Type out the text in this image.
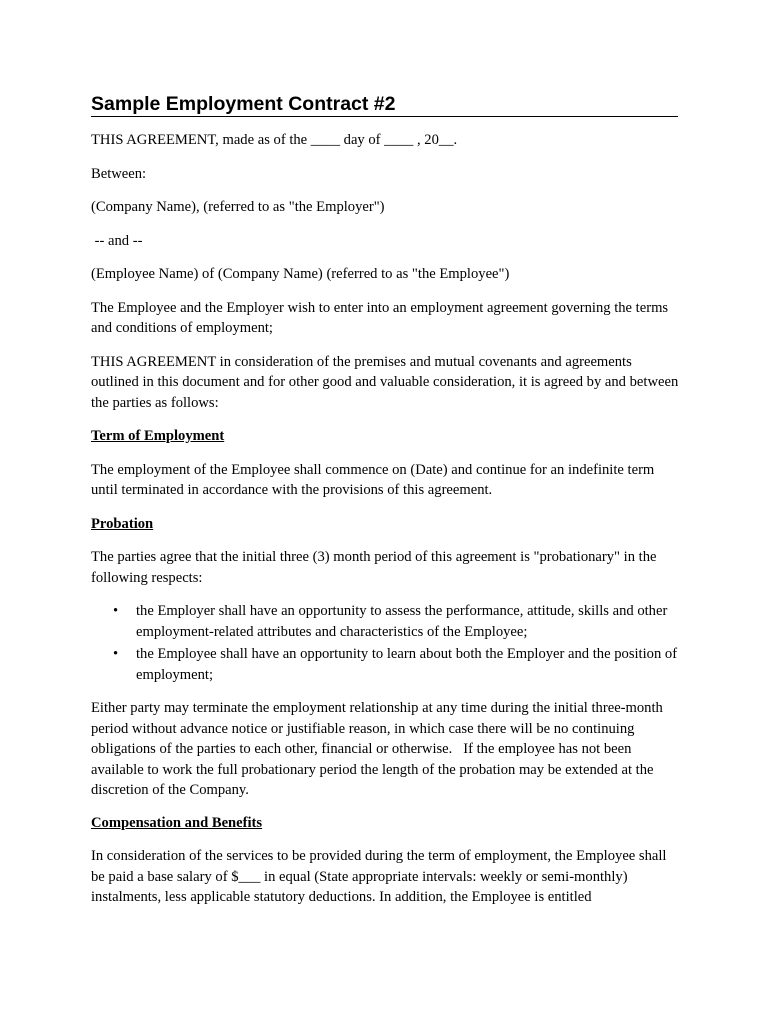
Sample Employment Contract #2

THIS AGREEMENT, made as of the ____ day of ____ , 20__.

Between:

(Company Name), (referred to as "the Employer")

-- and --

(Employee Name) of (Company Name) (referred to as "the Employee")

The Employee and the Employer wish to enter into an employment agreement governing the terms and conditions of employment;

THIS AGREEMENT in consideration of the premises and mutual covenants and agreements outlined in this document and for other good and valuable consideration, it is agreed by and between the parties as follows:

Term of Employment

The employment of the Employee shall commence on (Date) and continue for an indefinite term until terminated in accordance with the provisions of this agreement.

Probation

The parties agree that the initial three (3) month period of this agreement is "probationary" in the following respects:

• the Employer shall have an opportunity to assess the performance, attitude, skills and other employment-related attributes and characteristics of the Employee;
• the Employee shall have an opportunity to learn about both the Employer and the position of employment;

Either party may terminate the employment relationship at any time during the initial three-month period without advance notice or justifiable reason, in which case there will be no continuing obligations of the parties to each other, financial or otherwise.   If the employee has not been available to work the full probationary period the length of the probation may be extended at the discretion of the Company.

Compensation and Benefits

In consideration of the services to be provided during the term of employment, the Employee shall be paid a base salary of $___ in equal (State appropriate intervals: weekly or semi-monthly) instalments, less applicable statutory deductions. In addition, the Employee is entitled
